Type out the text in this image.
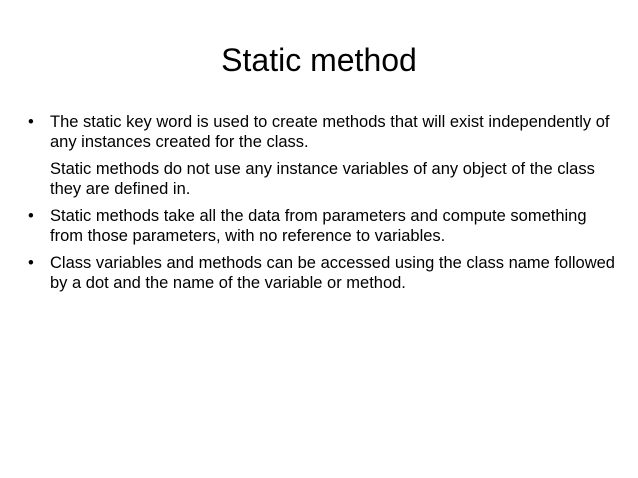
Static method
• The static key word is used to create methods that will exist independently of any instances created for the class.
Static methods do not use any instance variables of any object of the class they are defined in.
• Static methods take all the data from parameters and compute something from those parameters, with no reference to variables.
• Class variables and methods can be accessed using the class name followed by a dot and the name of the variable or method.
